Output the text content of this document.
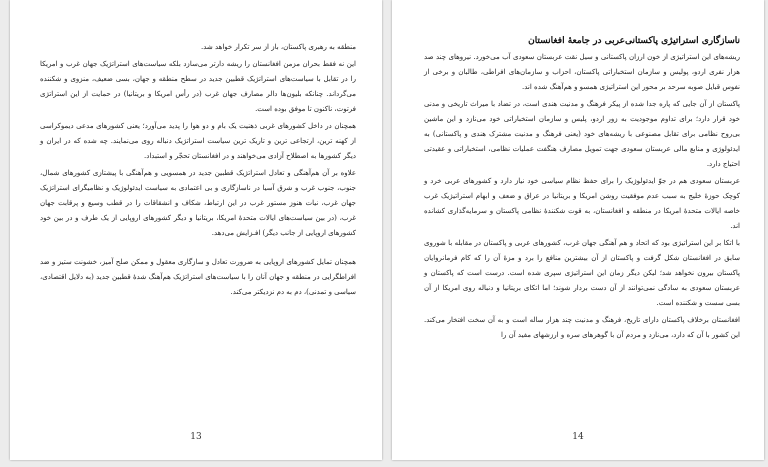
منطقه به رهبری پاکستان، باز از سر تکرار خواهد شد.

این نه فقط بحران مزمن افغانستان را ریشه دارتر می‌سازد بلکه سیاست‌های استراتژیک جهان غرب و امریکا را در تقابل با سیاست‌های استراتژیک قطبین جدید در سطح منطقه و جهان، بسی ضعیف، منزوی و شکننده می‌گرداند. چنانکه بلیون‌ها دالر مصارف جهان غرب (در رأس امریکا و بریتانیا) در حمایت از این استراتژی فرتوت، ناکنون تا موفق بوده است.

همچنان در داخل کشورهای غربی ذهنیت یک بام و دو هوا را پدید می‌آورد؛ یعنی کشورهای مدعی دیموکراسی از کهنه ترین، ارتجاعی ترین و تاریک ترین سیاست استراتژیک دنباله روی می‌نمایند. چه شده که در ایران و دیگر کشورها به اصطلاح آزادی می‌خواهند و در افغانستان تحجّر و استبداد.

علاوه بر آن هم‌آهنگی و تعادل استراتژیک قطبین جدید در همسویی و هم‌آهنگی با پیشتازی کشورهای شمال، جنوب، جنوب غرب و شرق آسیا در ناسازگاری و بی اعتمادی به سیاست ایدئولوژیک و نظامیگرای استراتژیک جهان غرب، نیات هنوز مستور غرب در این ارتباط، شکاف و انشقاقات را در قطب وسیع و پرقابت جهان غرب، (در بین سیاست‌های ایالات متحدهٔ امریکا، بریتانیا و دیگر کشورهای اروپایی از یک طرف و در بین خود کشورهای اروپایی از جانب دیگر) افـزایش می‌دهد.

همچنان تمایل کشورهای اروپایی به ضرورت تعادل و سازگاری معقول و ممکن صلح آمیز، خشونت ستیز و ضد افراطگرایی در منطقه و جهان آنان را با سیاست‌های استراتژیک هم‌آهنگ شدهٔ قطبین جدید (به دلایل اقتصادی، سیاسی و تمدنی)، دم به دم نزدیکتر می‌کند.

13
ناسازگاری استراتیژی پاکستانی‌عربی در جامعهٔ افغانستان

ریشه‌های این استراتیژی از خون ارزان پاکستانی و سیل نقت عربستان سعودی آب می‌خورد. نیروهای چند صد هزار نفری اردو، پولیس و سازمان استخباراتی پاکستان، احزاب و سازمان‌های افراطی، طالبان و برخی از نفوس قبایل صوبه سرحد بر محور این استراتیژی همسو و هم‌آهنگ شده اند.

پاکستان از آن جایی که پاره جدا شده از پیکر فرهنگ و مدنیت هندی است، در تضاد با میراث تاریخی و مدنی خود قرار دارد؛ برای تداوم موجودیت به زور اردو، پلیس و سازمان استخباراتی خود می‌نازد و این ماشین بی‌روح نظامی برای تقابل مصنوعی با ریشه‌های خود (یعنی فرهنگ و مدنیت مشترک هندی و پاکستانی) به ایدئولوژی و منابع مالی عربستان سعودی جهت تمویل مصارف هنگفت عملیات نظامی، استخباراتی و عقیدتی احتیاج دارد.

عربستان سعودی هم در جوّ ایدئولوژیک را برای حفظ نظام سیاسی خود نیاز دارد و کشورهای عربی خرد و کوچک حوزهٔ خلیج به سبب عدم موفقیت روشن امریکا و بریتانیا در عراق و ضعف و ابهام استراتیژیک غرب خاصه ایالات متحدهٔ امریکا در منطقه و افغانستان، به قوت شکنندهٔ نظامی پاکستان و سرمایه‌گذاری کشانده اند.

با اتکا بر این استراتیژی بود که اتحاد و هم آهنگی جهان غرب، کشورهای عربی و پاکستان در مقابله با شوروی سابق در افغانستان شکل گرفت و پاکستان از آن بیشترین منافع را برد و مزهٔ آن را که کام فرمانروایان پاکستان بیرون نخواهد شد؛ لیکن دیگر زمان این استراتیژی سپری شده است. درست است که پاکستان و عربستان سعودی به سادگی نمی‌توانند از آن دست بردار شوند؛ اما اتکای بریتانیا و دنباله روی امریکا از آن بسی سست و شکننده است.

افغانستان برخلاف پاکستان دارای تاریخ، فرهنگ و مدنیت چند هزار ساله است و به آن سخت افتخار می‌کند. این کشور با آن که دارد، می‌نازد و مردم آن با گوهرهای سره و ارزشهای مفید آن را

14
